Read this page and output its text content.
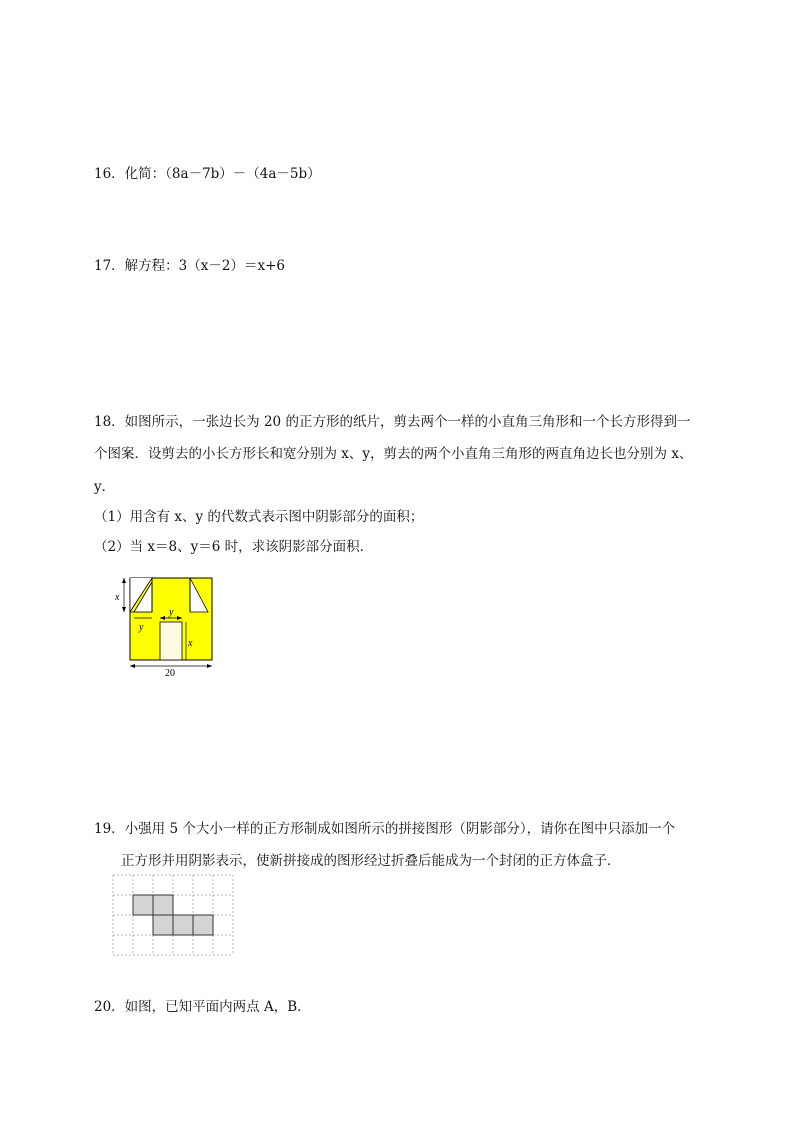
16．化简：（8a－7b）－（4a－5b）
17．解方程：3（x－2）＝x+6
18．如图所示，一张边长为 20 的正方形的纸片，剪去两个一样的小直角三角形和一个长方形得到一
个图案．设剪去的小长方形长和宽分别为 x、y，剪去的两个小直角三角形的两直角边长也分别为 x、
y．
（1）用含有 x、y 的代数式表示图中阴影部分的面积；
（2）当 x＝8、y＝6 时，求该阴影部分面积．
x
y
y
x
20
19．小强用 5 个大小一样的正方形制成如图所示的拼接图形（阴影部分），请你在图中只添加一个
正方形并用阴影表示，使新拼接成的图形经过折叠后能成为一个封闭的正方体盒子．
20．如图，已知平面内两点 A，B．
